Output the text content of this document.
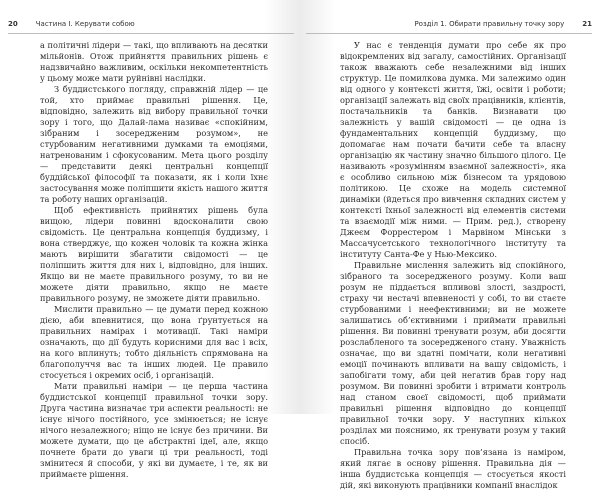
20	Частина I. Керувати собою

а політичні лідери — такі, що впливають на десятки мільйонів. Отож прийняття правильних рішень є надзвичайно важливим, оскільки некомпетентність у цьому може мати руйнівні наслідки.

З буддистського погляду, справжній лідер — це той, хто приймає правильні рішення. Це, відповідно, залежить від вибору правильної точки зору і того, що Далай-лама називає «спокійним, зібраним і зосередженим розумом», не стурбованим негативними думками та емоціями, натренованим і сфокусованим. Мета цього розділу — представити деякі центральні концепції буддійської філософії та показати, як і коли їхнє застосування може поліпшити якість нашого життя та роботу наших організацій.

Щоб ефективність прийнятих рішень була вищою, лідери повинні вдосконалити свою свідомість. Це центральна концепція буддизму, і вона стверджує, що кожен чоловік та кожна жінка мають вирішити збагатити свідомості — це поліпшить життя для них і, відповідно, для інших. Якщо ви не маєте правильного розуму, то ви не можете діяти правильно, якщо не маєте правильного розуму, не зможете діяти правильно.

Мислити правильно — це думати перед кожною дією, аби впевнитися, що вона ґрунтується на правильних намірах і мотивації. Такі наміри означають, що дії будуть корисними для вас і всіх, на кого вплинуть; тобто діяльність спрямована на благополуччя вас та інших людей. Це правило стосується і окремих осіб, і організацій.

Мати правильні наміри — це перша частина буддистської концепції правильної точки зору. Друга частина визначає три аспекти реальності: не існує нічого постійного, усе змінюється; не існує нічого незалежного; ніщо не існує без причини. Ви можете думати, що це абстрактні ідеї, але, якщо почнете брати до уваги ці три реальності, тоді змінитеся й способи, у які ви думаєте, і те, як ви приймаєте рішення.

Розділ 1. Обирати правильну точку зору	21

У нас є тенденція думати про себе як про відокремлених від загалу, самостійних. Організації також вважають себе незалежними від інших структур. Це помилкова думка. Ми залежимо один від одного у контексті життя, їжі, освіти і роботи; організації залежать від своїх працівників, клієнтів, постачальників та банків. Визнавати цю залежність у вашій свідомості — це одна із фундаментальних концепцій буддизму, що допомагає нам почати бачити себе та власну організацію як частину значно більшого цілого. Це називають «розумінням взаємної залежності», яка є особливо сильною між бізнесом та урядовою політикою. Це схоже на модель системної динаміки (йдеться про вивчення складних систем у контексті їхньої залежності від елементів системи та взаємодії між ними. — Прим. ред.), створену Джеєм Форрестером і Марвіном Мінськи з Массачусетського технологічного інституту та інституту Санта-Фе у Нью-Мексико.

Правильне мислення залежить від спокійного, зібраного та зосередженого розуму. Коли ваш розум не піддається впливові злості, заздрості, страху чи нестачі впевненості у собі, то ви стаєте стурбованими і неефективними; ви не можете залишатись об’єктивними і приймати правильні рішення. Ви повинні тренувати розум, аби досягти розслабленого та зосередженого стану. Уважність означає, що ви здатні помічати, коли негативні емоції починають впливати на вашу свідомість, і запобігати тому, аби цей негатив брав гору над розумом. Ви повинні зробити і втримати контроль над станом своєї свідомості, щоб приймати правильні рішення відповідно до концепції правильної точки зору. У наступних кількох розділах ми пояснимо, як тренувати розум у такий спосіб.

Правильна точка зору пов’язана із наміром, який лягає в основу рішення. Правильна дія — інша буддистська концепція — стосується якості дій, які виконують працівники компанії внаслідок
